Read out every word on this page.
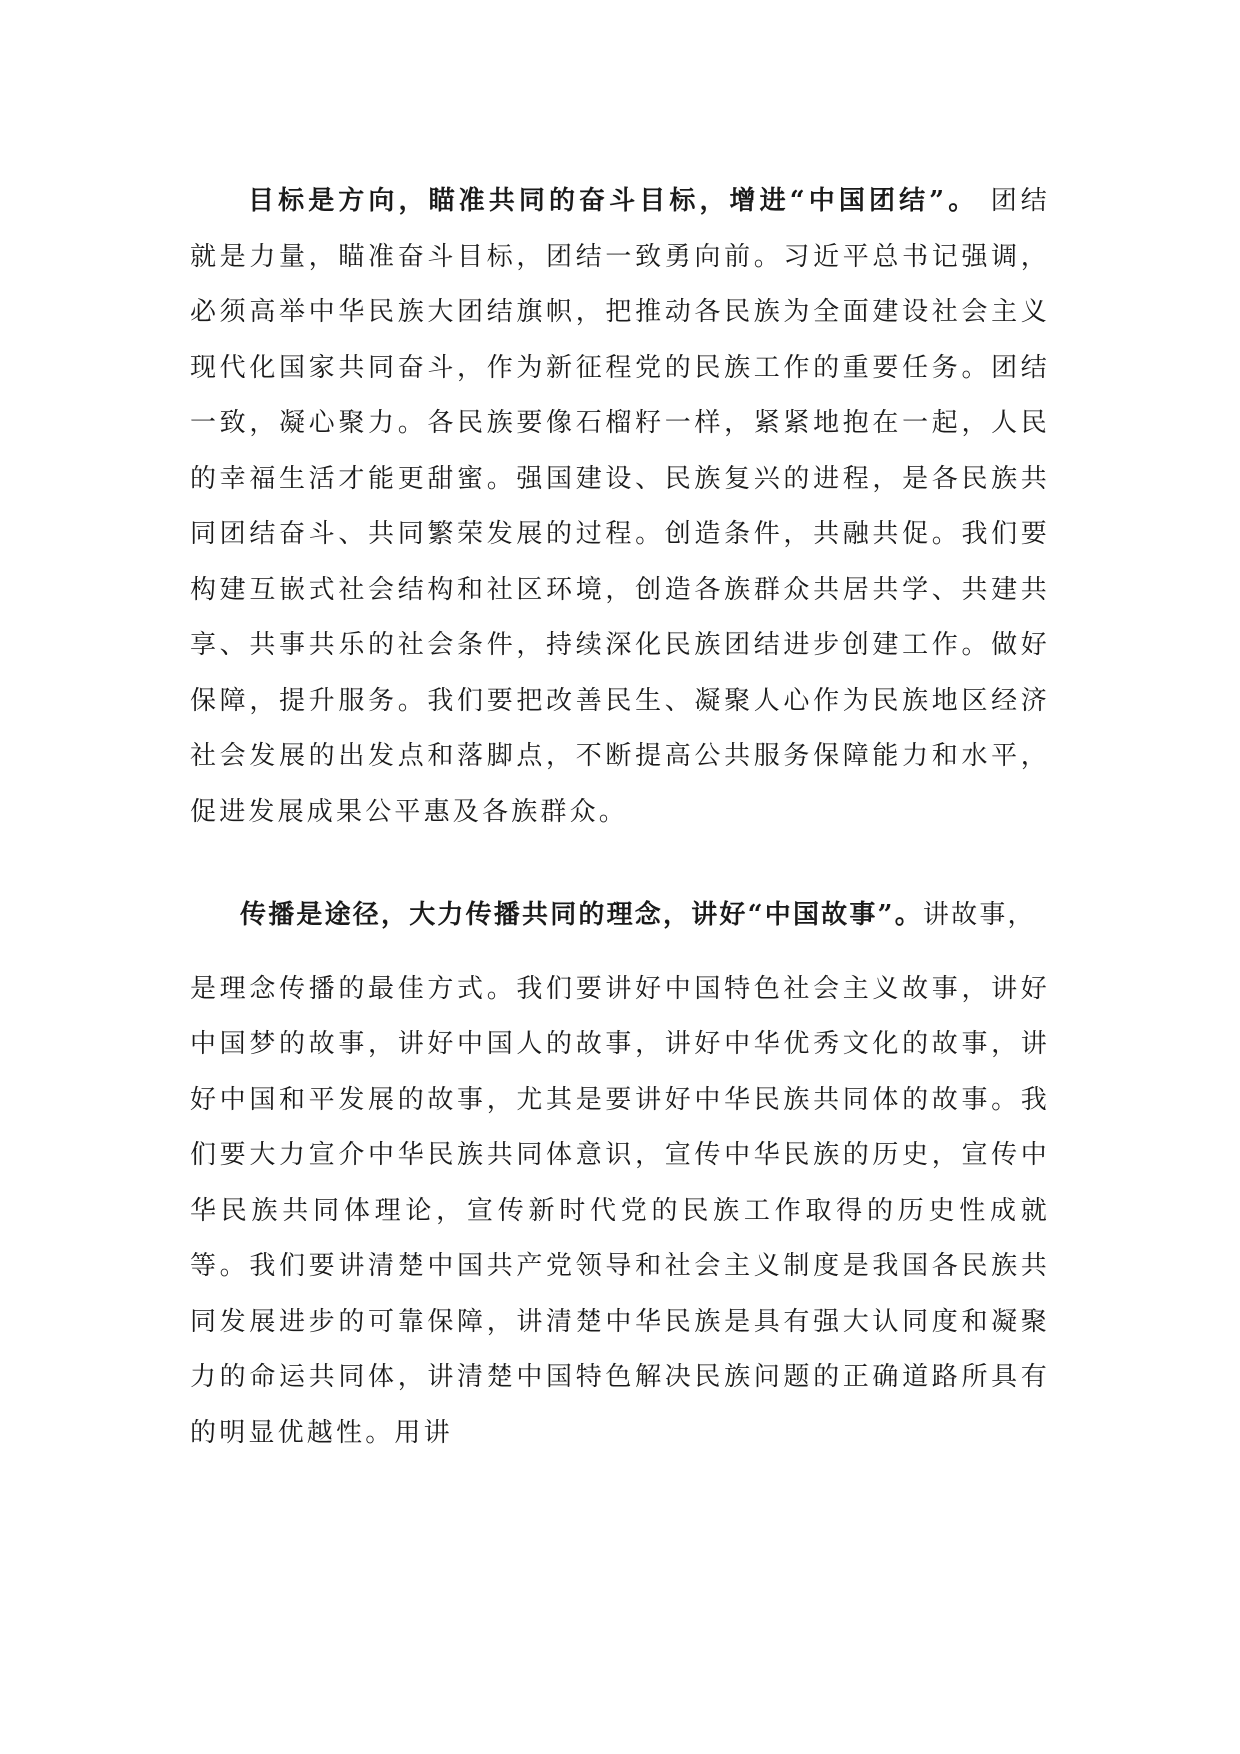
目标是方向，瞄准共同的奋斗目标，增进“中国团结”。 团结就是力量，瞄准奋斗目标，团结一致勇向前。习近平总书记强调，必须高举中华民族大团结旗帜，把推动各民族为全面建设社会主义现代化国家共同奋斗，作为新征程党的民族工作的重要任务。团结一致，凝心聚力。各民族要像石榴籽一样，紧紧地抱在一起，人民的幸福生活才能更甜蜜。强国建设、民族复兴的进程，是各民族共同团结奋斗、共同繁荣发展的过程。创造条件，共融共促。我们要构建互嵌式社会结构和社区环境，创造各族群众共居共学、共建共享、共事共乐的社会条件，持续深化民族团结进步创建工作。做好保障，提升服务。我们要把改善民生、凝聚人心作为民族地区经济社会发展的出发点和落脚点，不断提高公共服务保障能力和水平，促进发展成果公平惠及各族群众。

传播是途径，大力传播共同的理念，讲好“中国故事”。讲故事，
是理念传播的最佳方式。我们要讲好中国特色社会主义故事，讲好中国梦的故事，讲好中国人的故事，讲好中华优秀文化的故事，讲好中国和平发展的故事，尤其是要讲好中华民族共同体的故事。我们要大力宣介中华民族共同体意识，宣传中华民族的历史，宣传中华民族共同体理论，宣传新时代党的民族工作取得的历史性成就等。我们要讲清楚中国共产党领导和社会主义制度是我国各民族共同发展进步的可靠保障，讲清楚中华民族是具有强大认同度和凝聚力的命运共同体，讲清楚中国特色解决民族问题的正确道路所具有的明显优越性。用讲
